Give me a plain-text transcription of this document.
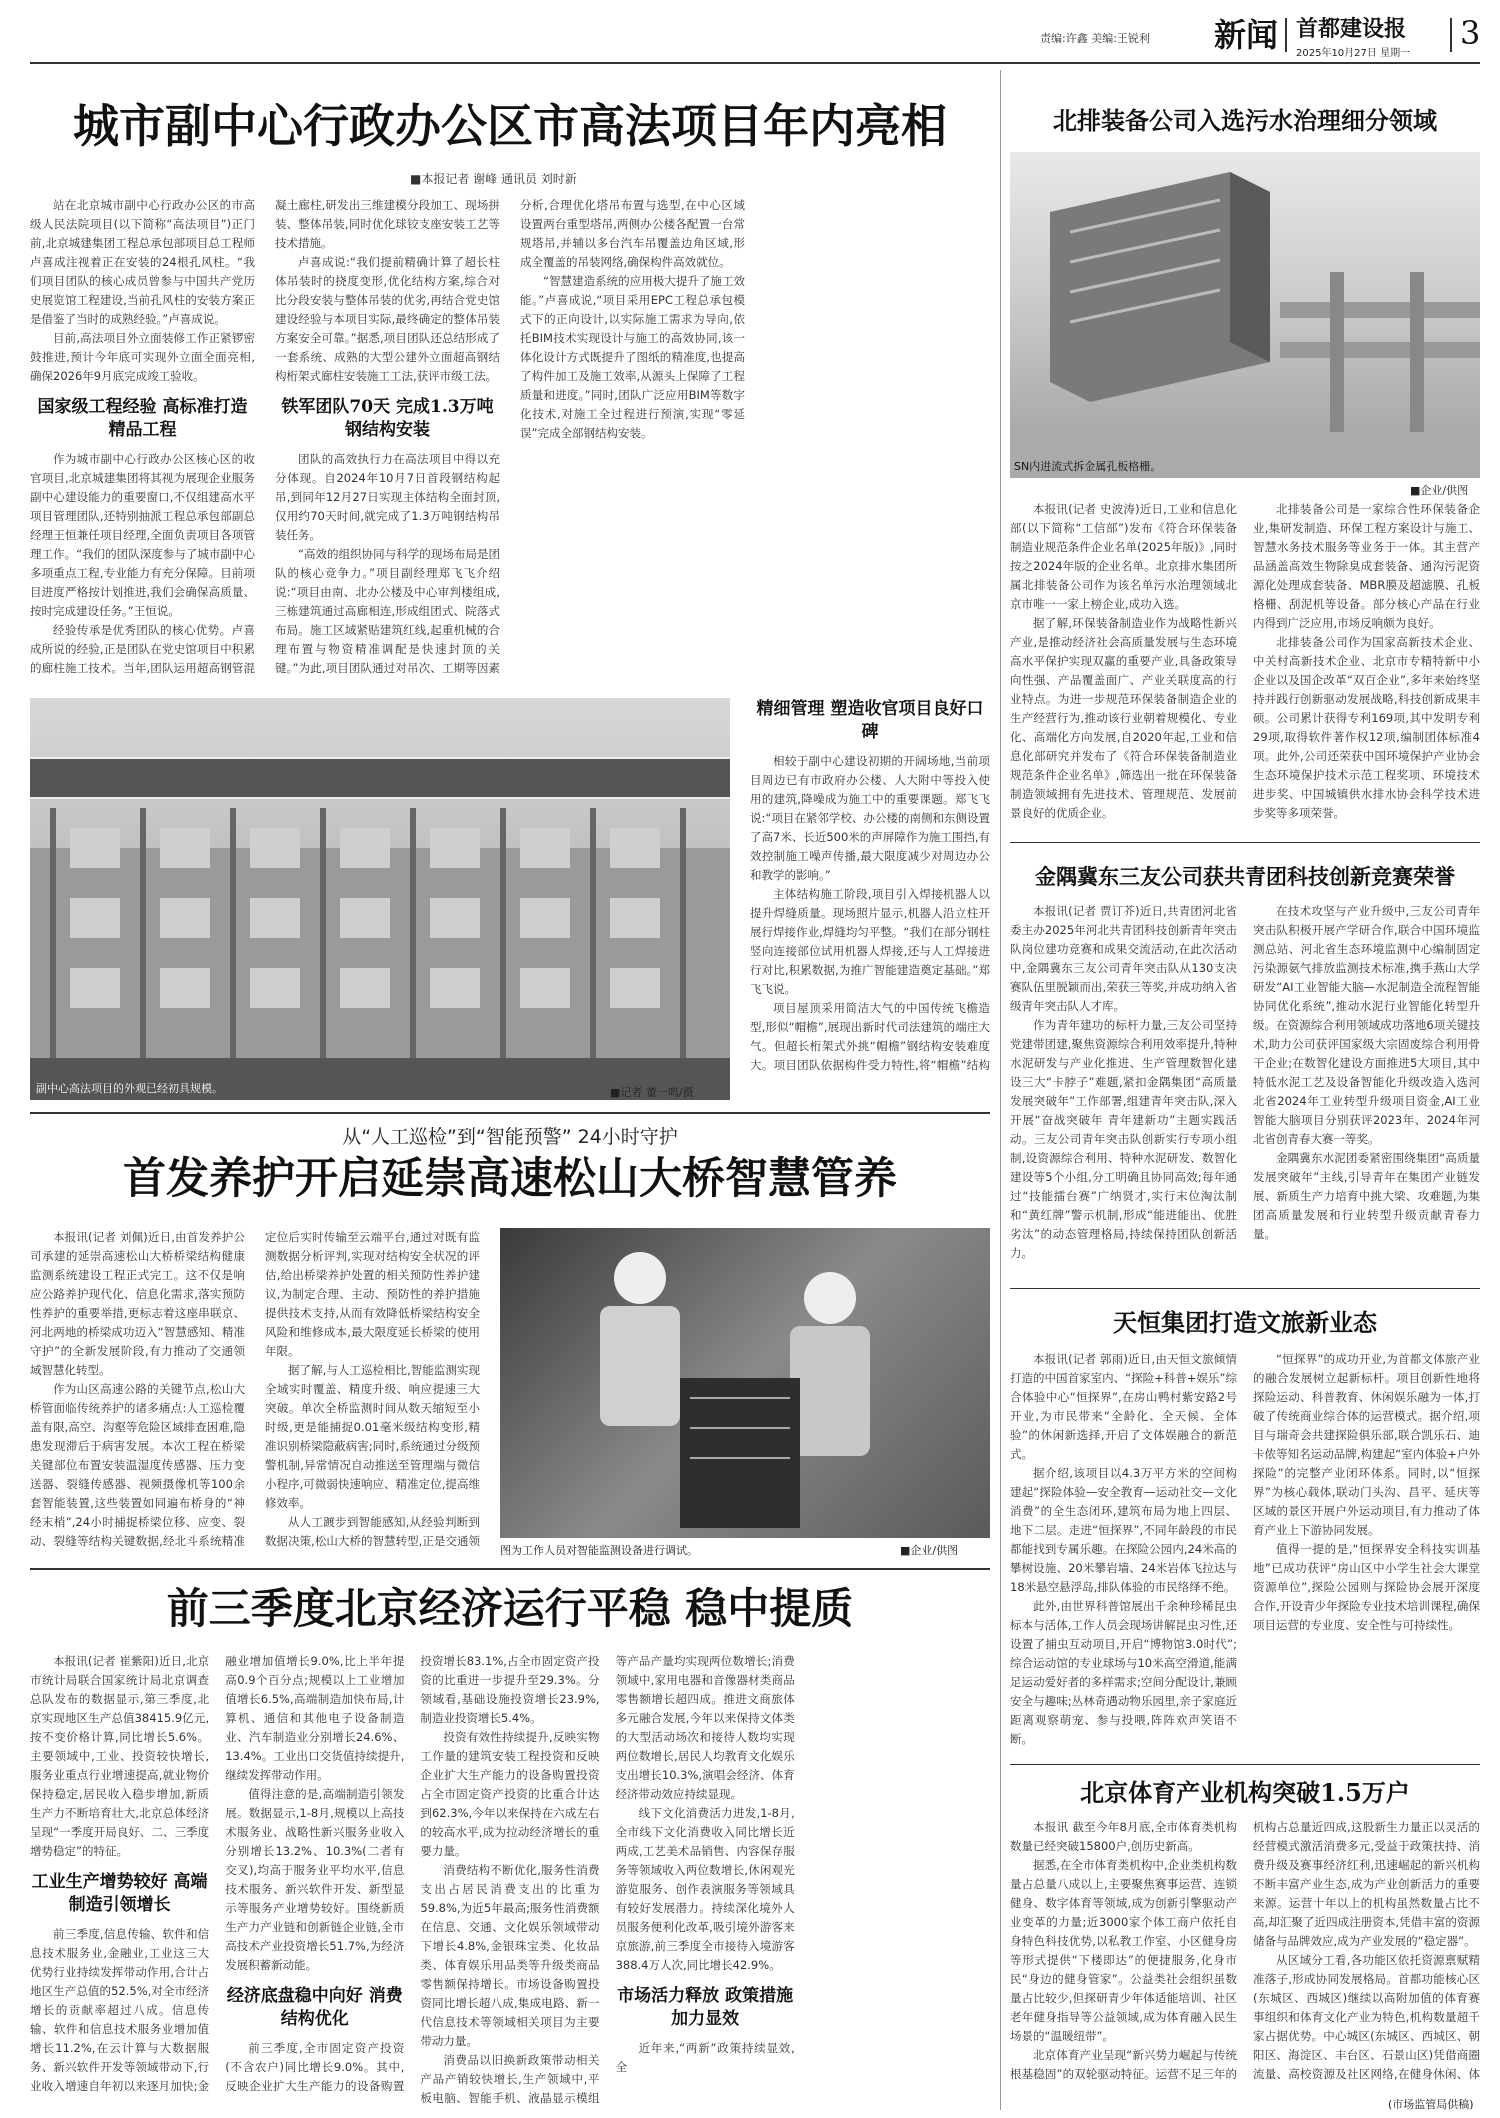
责编:许鑫 美编:王锐利	新闻 首都建设报
2025年10月27日 星期一
3
城市副中心行政办公区市高法项目年内亮相
■本报记者 谢峰 通讯员 刘时新

站在北京城市副中心行政办公区的市高级人民法院项目(以下简称“高法项目”)正门前,北京城建集团工程总承包部项目总工程师卢喜成注视着正在安装的24根孔风柱。“我们项目团队的核心成员曾参与中国共产党历史展览馆工程建设,当前孔风柱的安装方案正是借鉴了当时的成熟经验。”卢喜成说。

目前,高法项目外立面装修工作正紧锣密鼓推进,预计今年底可实现外立面全面亮相,确保2026年9月底完成竣工验收。

国家级工程经验 高标准打造精品工程

作为城市副中心行政办公区核心区的收官项目,北京城建集团将其视为展现企业服务副中心建设能力的重要窗口,不仅组建高水平项目管理团队,还特别抽派工程总承包部副总经理王恒兼任项目经理,全面负责项目各项管理工作。“我们的团队深度参与了城市副中心多项重点工程,专业能力有充分保障。目前项目进度严格按计划推进,我们会确保高质量、按时完成建设任务。”王恒说。

经验传承是优秀团队的核心优势。卢喜成所说的经验,正是团队在党史馆项目中积累的廊柱施工技术。当年,团队运用超高钢管混凝土廊柱,研发出三维建模分段加工、现场拼装、整体吊装,同时优化球铰支座安装工艺等技术措施。

卢喜成说:“我们提前精确计算了超长柱体吊装时的挠度变形,优化结构方案,综合对比分段安装与整体吊装的优劣,再结合党史馆建设经验与本项目实际,最终确定的整体吊装方案安全可靠。”据悉,项目团队还总结形成了一套系统、成熟的大型公建外立面超高钢结构桁架式廊柱安装施工工法,获评市级工法。

铁军团队70天 完成1.3万吨钢结构安装

团队的高效执行力在高法项目中得以充分体现。自2024年10月7日首段钢结构起吊,到同年12月27日实现主体结构全面封顶,仅用约70天时间,就完成了1.3万吨钢结构吊装任务。

“高效的组织协同与科学的现场布局是团队的核心竞争力。”项目副经理郑飞飞介绍说:“项目由南、北办公楼及中心审判楼组成,三栋建筑通过高廊相连,形成组团式、院落式布局。施工区域紧贴建筑红线,起重机械的合理布置与物资精准调配是快速封顶的关键。”为此,项目团队通过对吊次、工期等因素分析,合理优化塔吊布置与选型,在中心区域设置两台重型塔吊,两侧办公楼各配置一台常规塔吊,并辅以多台汽车吊覆盖边角区域,形成全覆盖的吊装网络,确保构件高效就位。

“智慧建造系统的应用极大提升了施工效能。”卢喜成说,“项目采用EPC工程总承包模式下的正向设计,以实际施工需求为导向,依托BIM技术实现设计与施工的高效协同,该一体化设计方式既提升了图纸的精准度,也提高了构件加工及施工效率,从源头上保障了工程质量和进度。”同时,团队广泛应用BIM等数字化技术,对施工全过程进行预演,实现“零延误”完成全部钢结构安装。

副中心高法项目的外观已经初具规模。
精细管理 塑造收官项目良好口碑

相较于副中心建设初期的开阔场地,当前项目周边已有市政府办公楼、人大附中等投入使用的建筑,降噪成为施工中的重要课题。郑飞飞说:“项目在紧邻学校、办公楼的南侧和东侧设置了高7米、长近500米的声屏障作为施工围挡,有效控制施工噪声传播,最大限度减少对周边办公和教学的影响。”

主体结构施工阶段,项目引入焊接机器人以提升焊缝质量。现场照片显示,机器人沿立柱开展行焊接作业,焊缝均匀平整。“我们在部分钢柱竖向连接部位试用机器人焊接,还与人工焊接进行对比,积累数据,为推广智能建造奠定基础。”郑飞飞说。

项目屋顶采用简洁大气的中国传统飞檐造型,形似“帽檐”,展现出新时代司法建筑的端庄大气。但超长桁架式外挑“帽檐”钢结构安装难度大。项目团队依据构件受力特性,将“帽檐”结构

■记者 董一鸣/摄
从“人工巡检”到“智能预警” 24小时守护
首发养护开启延崇高速松山大桥智慧管养

本报讯(记者 刘佩)近日,由首发养护公司承建的延崇高速松山大桥桥梁结构健康监测系统建设工程正式完工。这不仅是响应公路养护现代化、信息化需求,落实预防性养护的重要举措,更标志着这座串联京、河北两地的桥梁成功迈入“智慧感知、精准守护”的全新发展阶段,有力推动了交通领域智慧化转型。

作为山区高速公路的关键节点,松山大桥管面临传统养护的诸多痛点:人工巡检覆盖有限,高空、沟壑等危险区域排查困难,隐患发现滞后于病害发展。本次工程在桥梁关键部位布置安装温湿度传感器、压力变送器、裂缝传感器、视频摄像机等100余套智能装置,这些装置如同遍布桥身的“神经末梢”,24小时捕捉桥梁位移、应变、裂动、裂缝等结构关键数据,经北斗系统精准定位后实时传输至云端平台,通过对既有监测数据分析评判,实现对结构安全状况的评估,给出桥梁养护处置的相关预防性养护建议,为制定合理、主动、预防性的养护措施提供技术支持,从而有效降低桥梁结构安全风险和维修成本,最大限度延长桥梁的使用年限。

据了解,与人工巡检相比,智能监测实现全域实时覆盖、精度升级、响应提速三大突破。单次全桥监测时间从数天缩短至小时级,更是能捕捉0.01毫米级结构变形,精准识别桥梁隐蔽病害;同时,系统通过分级预警机制,异常情况自动推送至管理端与微信小程序,可微弱快速响应、精准定位,提高维修效率。

从人工踱步到智能感知,从经验判断到数据决策,松山大桥的智慧转型,正是交通领

图为工作人员对智能监测设备进行调试。	■企业/供图
前三季度北京经济运行平稳 稳中提质

本报讯(记者 崔紫阳)近日,北京市统计局联合国家统计局北京调查总队发布的数据显示,第三季度,北京实现地区生产总值38415.9亿元,按不变价格计算,同比增长5.6%。主要领域中,工业、投资较快增长,服务业重点行业增速提高,就业物价保持稳定,居民收入稳步增加,新质生产力不断培育壮大,北京总体经济呈现“一季度开局良好、二、三季度增势稳定”的特征。

工业生产增势较好 高端制造引领增长

前三季度,信息传输、软件和信息技术服务业,金融业,工业这三大优势行业持续发挥带动作用,合计占地区生产总值的52.5%,对全市经济增长的贡献率超过八成。信息传输、软件和信息技术服务业增加值增长11.2%,在云计算与大数据服务、新兴软件开发等领域带动下,行业收入增速自年初以来逐月加快;金融业增加值增长9.0%,比上半年提高0.9个百分点;规模以上工业增加值增长6.5%,高端制造加快布局,计算机、通信和其他电子设备制造业、汽车制造业分别增长24.6%、13.4%。工业出口交货值持续提升,继续发挥带动作用。

值得注意的是,高端制造引领发展。数据显示,1-8月,规模以上高技术服务业、战略性新兴服务业收入分别增长13.2%、10.3%(二者有交叉),均高于服务业平均水平,信息技术服务、新兴软件开发、新型显示等服务产业增势较好。围绕新质生产力产业链和创新链企业链,全市高技术产业投资增长51.7%,为经济发展积蓄新动能。

经济底盘稳中向好 消费结构优化

前三季度,全市固定资产投资(不含农户)同比增长9.0%。其中,反映企业扩大生产能力的设备购置投资增长83.1%,占全市固定资产投资的比重进一步提升至29.3%。分领域看,基础设施投资增长23.9%,制造业投资增长5.4%。

投资有效性持续提升,反映实物工作量的建筑安装工程投资和反映企业扩大生产能力的设备购置投资占全市固定资产投资的比重合计达到62.3%,今年以来保持在六成左右的较高水平,成为拉动经济增长的重要力量。

消费结构不断优化,服务性消费支出占居民消费支出的比重为59.8%,为近5年最高;服务性消费额在信息、交通、文化娱乐领域带动下增长4.8%,金银珠宝类、化妆品类、体育娱乐用品类等升级类商品零售额保持增长。市场设备购置投资同比增长超八成,集成电路、新一代信息技术等领域相关项目为主要带动力量。

消费品以旧换新政策带动相关产品产销较快增长,生产领域中,平板电脑、智能手机、液晶显示模组等产品产量均实现两位数增长;消费领域中,家用电器和音像器材类商品零售额增长超四成。推进文商旅体多元融合发展,今年以来保持文体类的大型活动场次和接待人数均实现两位数增长,居民人均教育文化娱乐支出增长10.3%,演唱会经济、体育经济带动效应持续显现。

线下文化消费活力进发,1-8月,全市线下文化消费收入同比增长近两成,工艺美术品销售、内容保存服务等领域收入两位数增长,休闲观光游览服务、创作表演服务等领域具有较好发展潜力。持续深化境外人员服务便利化改革,吸引境外游客来京旅游,前三季度全市接待入境游客388.4万人次,同比增长42.9%。

市场活力释放 政策措施加力显效

近年来,“两新”政策持续显效,全

北排装备公司入选污水治理细分领域
SN内进流式拆金属孔板格栅。
■企业/供图

本报讯(记者 史波涛)近日,工业和信息化部(以下简称“工信部”)发布《符合环保装备制造业规范条件企业名单(2025年版)》,同时按之2024年版的企业名单。北京排水集团所属北排装备公司作为该名单污水治理领域北京市唯一一家上榜企业,成功入选。

据了解,环保装备制造业作为战略性新兴产业,是推动经济社会高质量发展与生态环境高水平保护实现双赢的重要产业,具备政策导向性强、产品覆盖面广、产业关联度高的行业特点。为进一步规范环保装备制造企业的生产经营行为,推动该行业朝着规模化、专业化、高端化方向发展,自2020年起,工业和信息化部研究并发布了《符合环保装备制造业规范条件企业名单》,筛选出一批在环保装备制造领域拥有先进技术、管理规范、发展前景良好的优质企业。

北排装备公司是一家综合性环保装备企业,集研发制造、环保工程方案设计与施工、智慧水务技术服务等业务于一体。其主营产品涵盖高效生物除臭成套装备、通沟污泥资源化处理成套装备、MBR膜及超滤膜、孔板格栅、刮泥机等设备。部分核心产品在行业内得到广泛应用,市场反响颇为良好。

北排装备公司作为国家高新技术企业、中关村高新技术企业、北京市专精特新中小企业以及国企改革“双百企业”,多年来始终坚持并践行创新驱动发展战略,科技创新成果丰硕。公司累计获得专利169项,其中发明专利29项,取得软件著作权12项,编制团体标准4项。此外,公司还荣获中国环境保护产业协会生态环境保护技术示范工程奖项、环境技术进步奖、中国城镇供水排水协会科学技术进步奖等多项荣誉。

金隅冀东三友公司获共青团科技创新竞赛荣誉

本报讯(记者 贾订芥)近日,共青团河北省委主办2025年河北共青团科技创新青年突击队岗位建功竞赛和成果交流活动,在此次活动中,金隅冀东三友公司青年突击队从130支决赛队伍里脱颖而出,荣获三等奖,并成功纳入省级青年突击队人才库。

作为青年建功的标杆力量,三友公司坚持党建带团建,聚焦资源综合利用效率提升,特种水泥研发与产业化推进、生产管理数智化建设三大“卡脖子”难题,紧扣金隅集团“高质量发展突破年”工作部署,组建青年突击队,深入开展“奋战突破年 青年建新功”主题实践活动。三友公司青年突击队创新实行专项小组制,设资源综合利用、特种水泥研发、数智化建设等5个小组,分工明确且协同高效;每年通过“技能擂台赛”广纳贤才,实行末位淘汰制和“黄红牌”警示机制,形成“能进能出、优胜劣汰”的动态管理格局,持续保持团队创新活力。

在技术攻坚与产业升级中,三友公司青年突击队积极开展产学研合作,联合中国环境监测总站、河北省生态环境监测中心编制固定污染源氨气排放监测技术标准,携手燕山大学研发“AI工业智能大脑—水泥制造全流程智能协同优化系统”,推动水泥行业智能化转型升级。在资源综合利用领域成功落地6项关键技术,助力公司获评国家级大宗固废综合利用骨干企业;在数智化建设方面推进5大项目,其中特低水泥工艺及设备智能化升级改造入选河北省2024年工业转型升级项目资金,AI工业智能大脑项目分别获评2023年、2024年河北省创青春大赛一等奖。

金隅冀东水泥团委紧密围绕集团“高质量发展突破年”主线,引导青年在集团产业链发展、新质生产力培育中挑大梁、攻难题,为集团高质量发展和行业转型升级贡献青春力量。

天恒集团打造文旅新业态

本报讯(记者 郭雨)近日,由天恒文旅倾情打造的中国首家室内、“探险+科普+娱乐”综合体验中心“恒探界”,在房山鸭村紫安路2号开业,为市民带来“全龄化、全天候、全体验”的休闲新选择,开启了文体娱融合的新范式。

据介绍,该项目以4.3万平方米的空间构建起“探险体验—安全教育—运动社交—文化消费”的全生态闭环,建筑布局为地上四层、地下二层。走进“恒探界”,不同年龄段的市民都能找到专属乐趣。在探险公园内,24米高的攀树设施、20米攀岩墙、24米岩体飞拉达与18米悬空悬浮岛,排队体验的市民络绎不绝。

此外,由世界科普馆展出千余种珍稀昆虫标本与活体,工作人员会现场讲解昆虫习性,还设置了捕虫互动项目,开启“博物馆3.0时代”;综合运动馆的专业球场与10米高空滑道,能满足运动爱好者的多样需求;空间分配设计,兼顾安全与趣味;丛林奇遇动物乐园里,亲子家庭近距离观察萌宠、参与投喂,阵阵欢声笑语不断。

“恒探界”的成功开业,为首都文体旅产业的融合发展树立起新标杆。项目创新性地将探险运动、科普教育、休闲娱乐融为一体,打破了传统商业综合体的运营模式。据介绍,项目与瑞奇会共建探险俱乐部,联合凯乐石、迪卡侬等知名运动品牌,构建起“室内体验+户外探险”的完整产业闭环体系。同时,以“恒探界”为核心载体,联动门头沟、昌平、延庆等区域的景区开展户外运动项目,有力推动了体育产业上下游协同发展。

值得一提的是,“恒探界安全科技实训基地”已成功获评“房山区中小学生社会大课堂资源单位”,探险公园则与探险协会展开深度合作,开设青少年探险专业技术培训课程,确保项目运营的专业度、安全性与可持续性。

北京体育产业机构突破1.5万户

本报讯 截至今年8月底,全市体育类机构数量已经突破15800户,创历史新高。

据悉,在全市体育类机构中,企业类机构数量占总量八成以上,主要聚焦赛事运营、连锁健身、数字体育等领域,成为创新引擎驱动产业变革的力量;近3000家个体工商户依托自身特色科技优势,以私教工作室、小区健身房等形式提供“下楼即达”的便捷服务,化身市民“身边的健身管家”。公益类社会组织虽数量占比较少,但探研青少年体适能培训、社区老年健身指导等公益领域,成为体育融入民生场景的“温暖纽带”。

北京体育产业呈现“新兴势力崛起与传统根基稳固”的双轮驱动特征。运营不足三年的机构占总量近四成,这股新生力量正以灵活的经营模式激活消费多元,受益于政策扶持、消费升级及赛事经济红利,迅速崛起的新兴机构不断丰富产业生态,成为产业创新活力的重要来源。运营十年以上的机构虽然数量占比不高,却汇聚了近四成注册资本,凭借丰富的资源储备与品牌效应,成为产业发展的“稳定器”。

从区域分工看,各功能区依托资源禀赋精准落子,形成协同发展格局。首都功能核心区(东城区、西城区)继续以高附加值的体育赛事组织和体育文化产业为特色,机构数量超千家占据优势。中心城区(东城区、西城区、朝阳区、海淀区、丰台区、石景山区)凭借商圈流量、高校资源及社区网络,在健身休闲、体

(市场监管局供稿)
